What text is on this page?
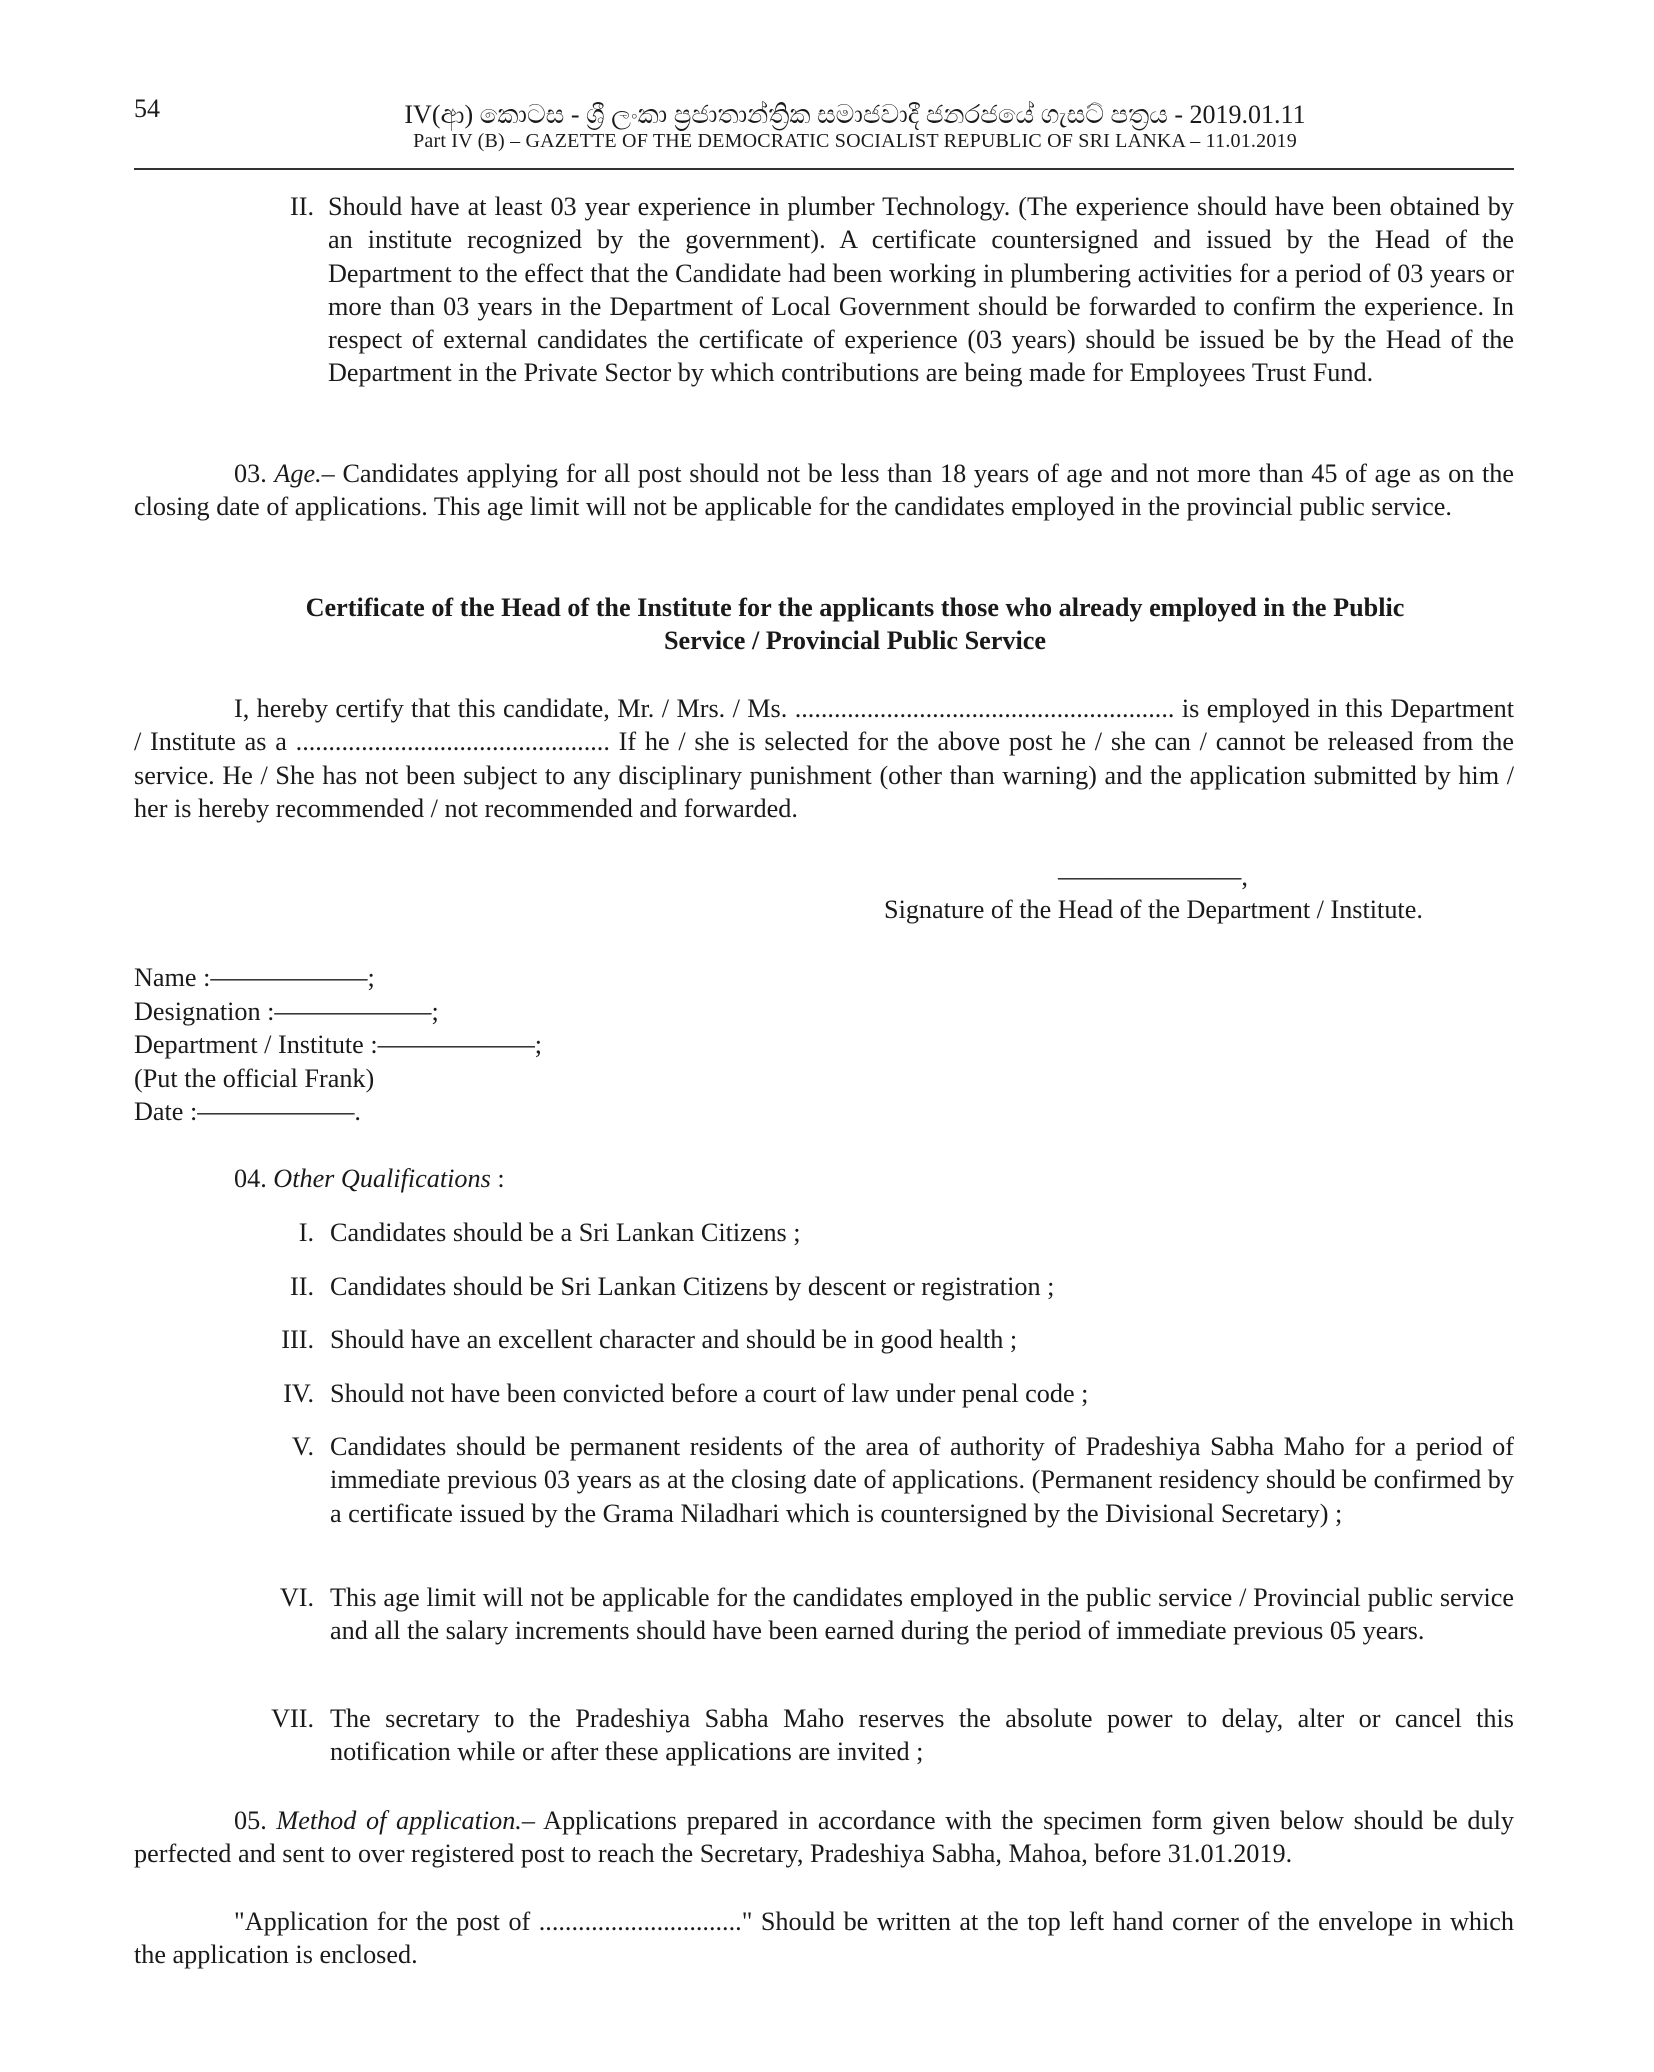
54	IV(ආ) කොටස - ශ්‍රී ලංකා ප්‍රජාතාන්ත්‍රික සමාජවාදී ජනරජයේ ගැසට් පත්‍රය - 2019.01.11
Part IV (B) – GAZETTE OF THE DEMOCRATIC SOCIALIST REPUBLIC OF SRI LANKA – 11.01.2019
II. Should have at least 03 year experience in plumber Technology. (The experience should have been obtained by an institute recognized by the government). A certificate countersigned and issued by the Head of the Department to the effect that the Candidate had been working in plumbering activities for a period of 03 years or more than 03 years in the Department of Local Government should be forwarded to confirm the experience. In respect of external candidates the certificate of experience (03 years) should be issued be by the Head of the Department in the Private Sector by which contributions are being made for Employees Trust Fund.
03. Age.– Candidates applying for all post should not be less than 18 years of age and not more than 45 of age as on the closing date of applications. This age limit will not be applicable for the candidates employed in the provincial public service.
Certificate of the Head of the Institute for the applicants those who already employed in the Public
Service / Provincial Public Service
I, hereby certify that this candidate, Mr. / Mrs. / Ms. .......................................................... is employed in this Department / Institute as a ................................................ If he / she is selected for the above post he / she can / cannot be released from the service. He / She has not been subject to any disciplinary punishment (other than warning) and the application submitted by him / her is hereby recommended / not recommended and forwarded.
———————,
Signature of the Head of the Department / Institute.
Name :——————;
Designation :——————;
Department / Institute :——————;
(Put the official Frank)
Date :——————.
04. Other Qualifications :
I. Candidates should be a Sri Lankan Citizens ;
II. Candidates should be Sri Lankan Citizens by descent or registration ;
III. Should have an excellent character and should be in good health ;
IV. Should not have been convicted before a court of law under penal code ;
V. Candidates should be permanent residents of the area of authority of Pradeshiya Sabha Maho for a period of immediate previous 03 years as at the closing date of applications. (Permanent residency should be confirmed by a certificate issued by the Grama Niladhari which is countersigned by the Divisional Secretary) ;
VI. This age limit will not be applicable for the candidates employed in the public service / Provincial public service and all the salary increments should have been earned during the period of immediate previous 05 years.
VII. The secretary to the Pradeshiya Sabha Maho reserves the absolute power to delay, alter or cancel this notification while or after these applications are invited ;
05. Method of application.– Applications prepared in accordance with the specimen form given below should be duly perfected and sent to over registered post to reach the Secretary, Pradeshiya Sabha, Mahoa, before 31.01.2019.
"Application for the post of ..............................." Should be written at the top left hand corner of the envelope in which the application is enclosed.
